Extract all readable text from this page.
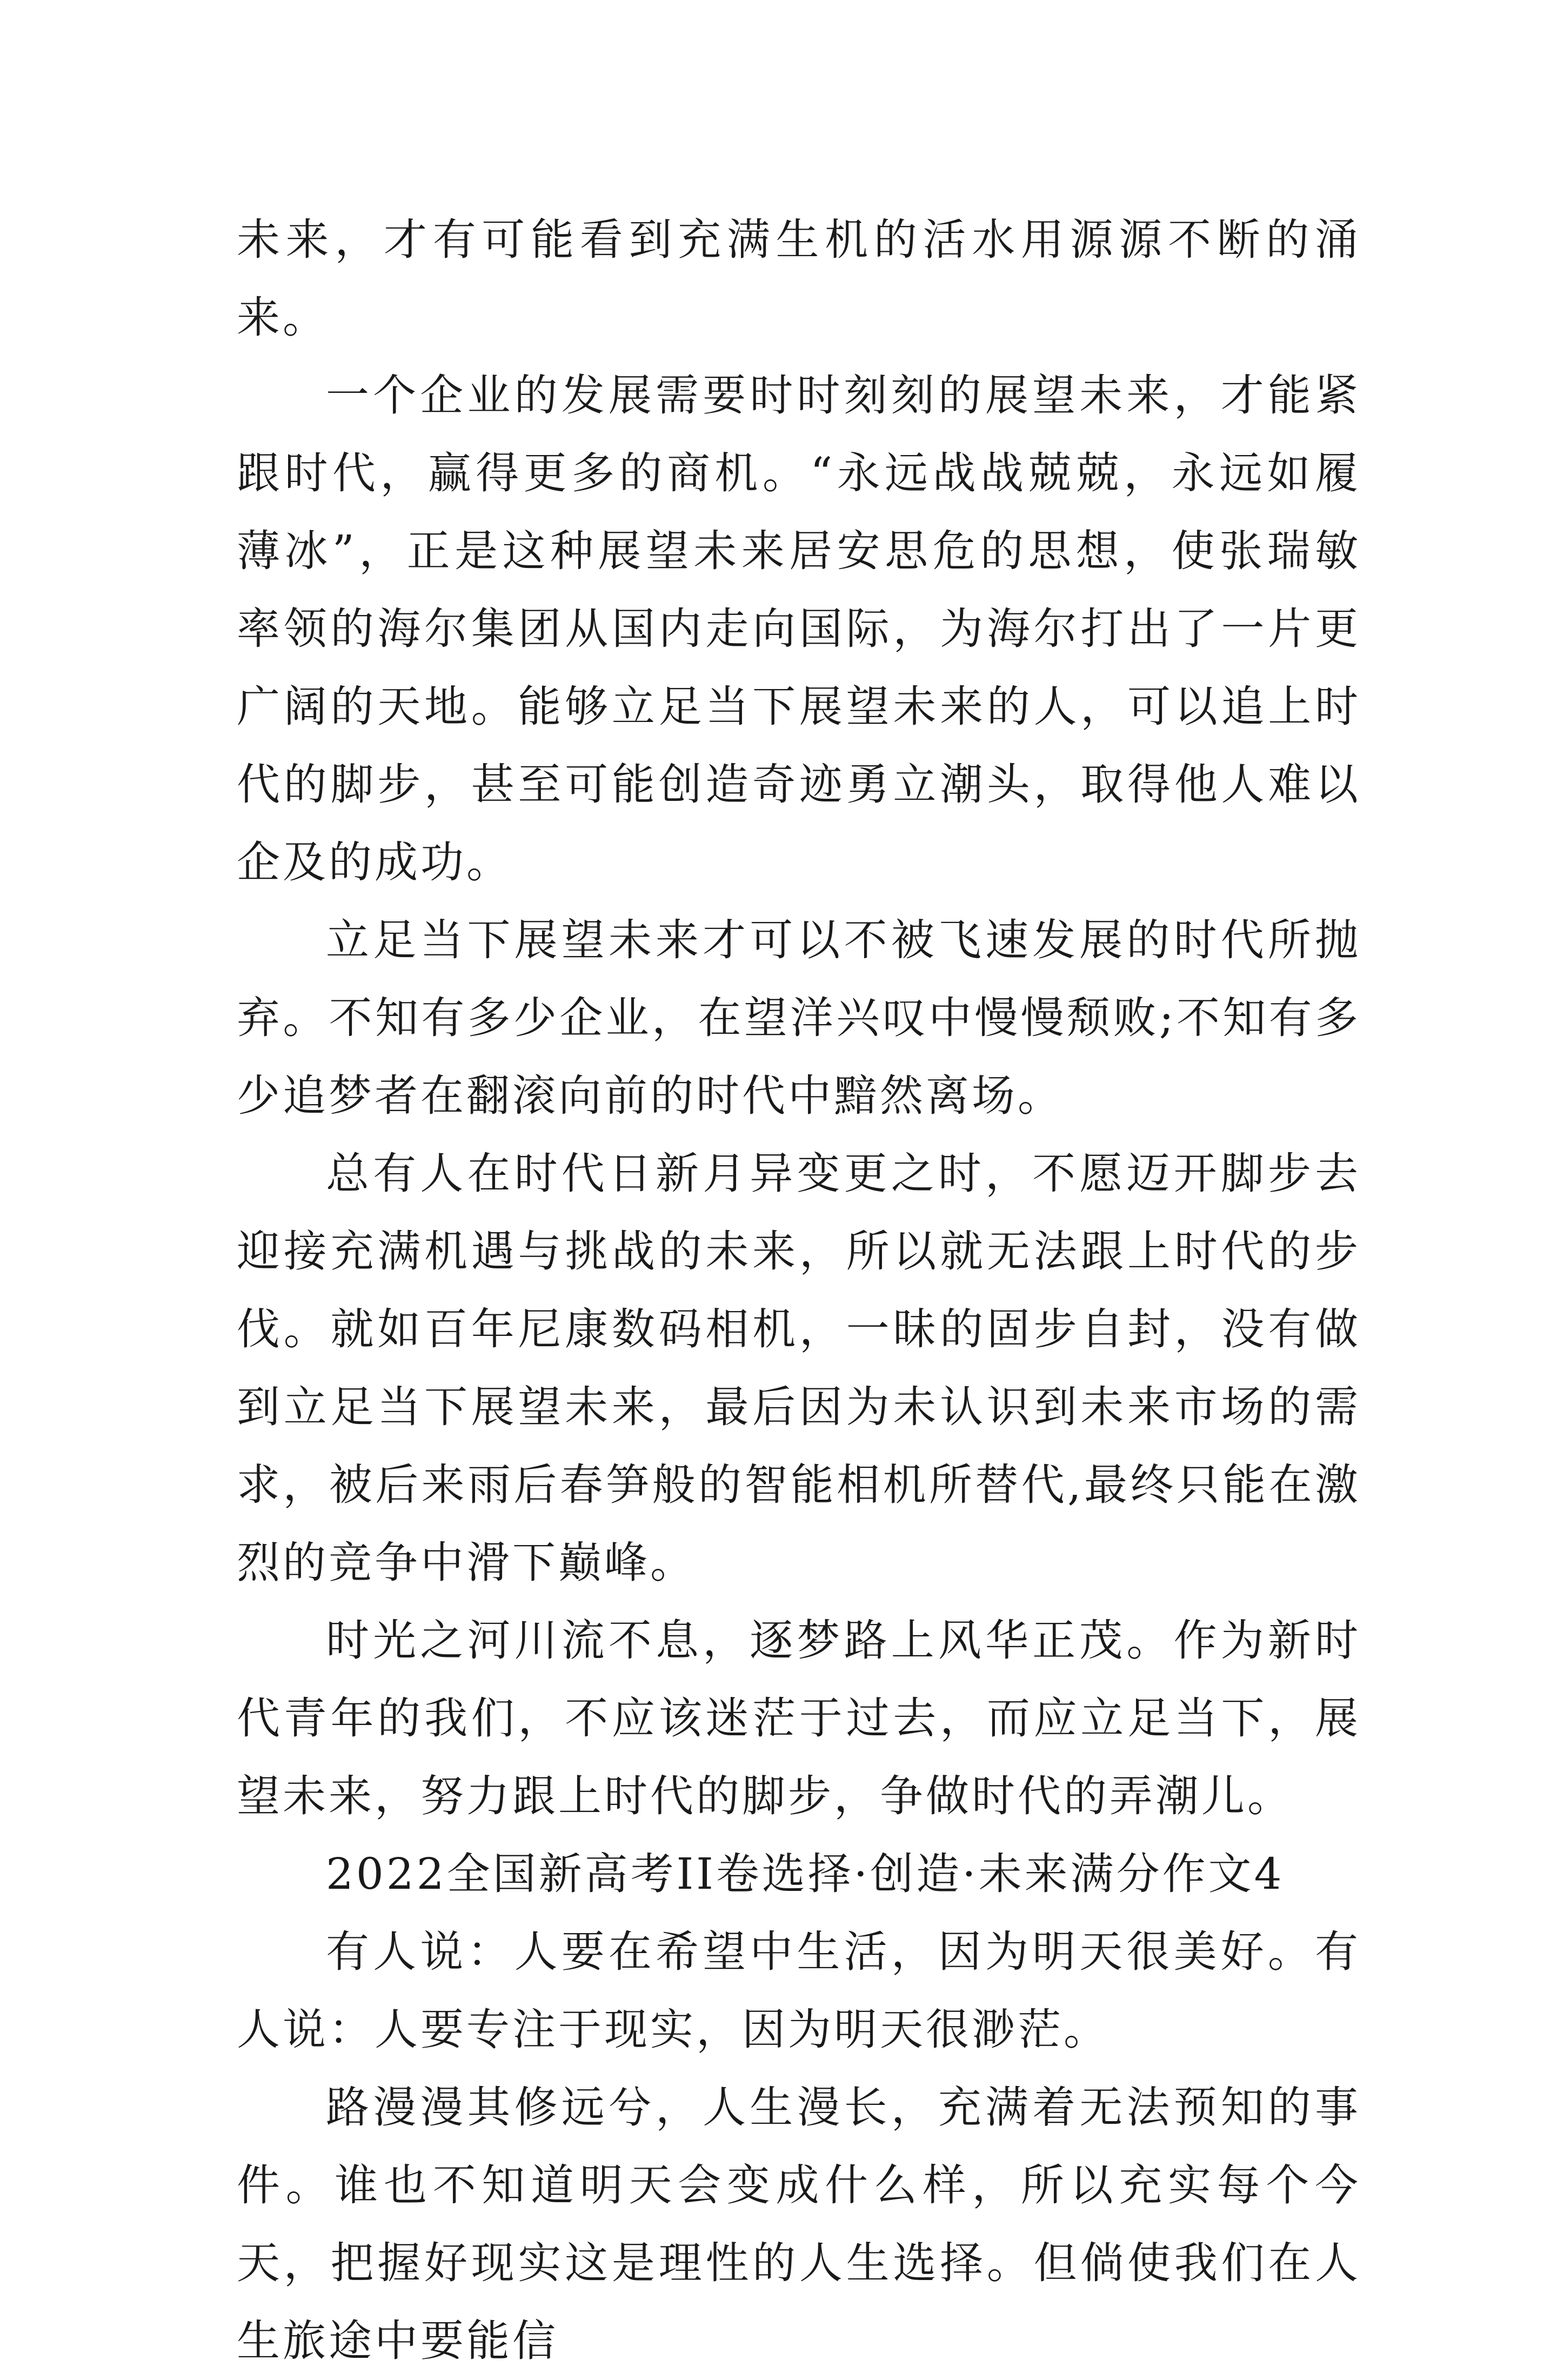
未来，才有可能看到充满生机的活水用源源不断的涌来。

一个企业的发展需要时时刻刻的展望未来，才能紧跟时代，赢得更多的商机。“永远战战兢兢，永远如履薄冰”，正是这种展望未来居安思危的思想，使张瑞敏率领的海尔集团从国内走向国际，为海尔打出了一片更广阔的天地。能够立足当下展望未来的人，可以追上时代的脚步，甚至可能创造奇迹勇立潮头，取得他人难以企及的成功。

立足当下展望未来才可以不被飞速发展的时代所抛弃。不知有多少企业，在望洋兴叹中慢慢颓败;不知有多少追梦者在翻滚向前的时代中黯然离场。

总有人在时代日新月异变更之时，不愿迈开脚步去迎接充满机遇与挑战的未来，所以就无法跟上时代的步伐。就如百年尼康数码相机，一昧的固步自封，没有做到立足当下展望未来，最后因为未认识到未来市场的需求，被后来雨后春笋般的智能相机所替代,最终只能在激烈的竞争中滑下巅峰。

时光之河川流不息，逐梦路上风华正茂。作为新时代青年的我们，不应该迷茫于过去，而应立足当下，展望未来，努力跟上时代的脚步，争做时代的弄潮儿。

2022全国新高考II卷选择·创造·未来满分作文4

有人说：人要在希望中生活，因为明天很美好。有人说：人要专注于现实，因为明天很渺茫。

路漫漫其修远兮，人生漫长，充满着无法预知的事件。谁也不知道明天会变成什么样，所以充实每个今天，把握好现实这是理性的人生选择。但倘使我们在人生旅途中要能信
